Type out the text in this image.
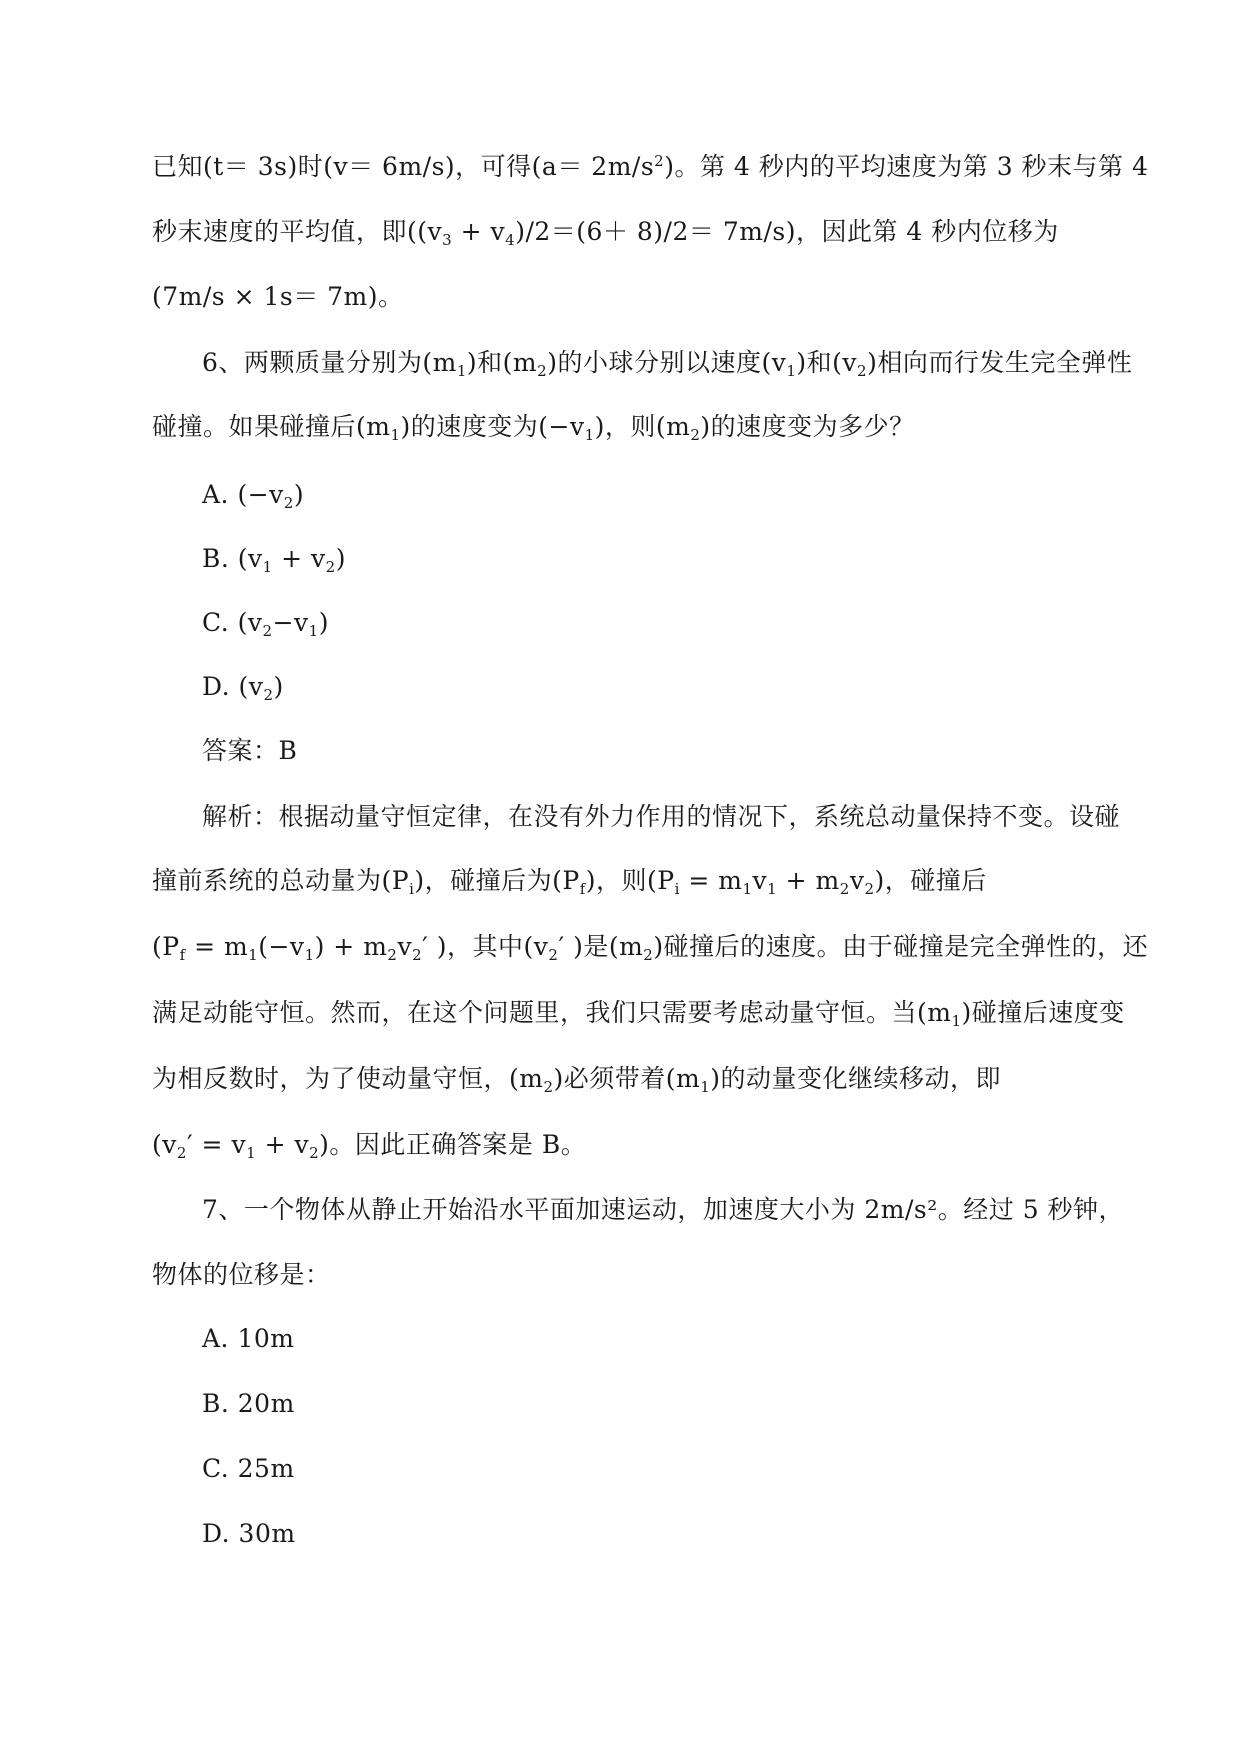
已知(t＝ 3s)时(v＝ 6m/s)，可得$(a= 2m/s^2)$。第 4 秒内的平均速度为第 3 秒末与第 4
秒末速度的平均值，即$((v_3 + v_4)/2=(6+ 8)/2= 7m/s)$，因此第 4 秒内位移为
(7m/s × 1s＝ 7m)。
6、两颗质量分别为$(m_1)$和$(m_2)$的小球分别以速度$(v_1)$和$(v_2)$相向而行发生完全弹性
碰撞。如果碰撞后$(m_1)$的速度变为$(-v_1)$，则$(m_2)$的速度变为多少？
A. $(-v_2)$
B. $(v_1 + v_2)$
C. $(v_2-v_1)$
D. $(v_2)$
答案：B
解析：根据动量守恒定律，在没有外力作用的情况下，系统总动量保持不变。设碰
撞前系统的总动量为$(P_i)$，碰撞后为$(P_f)$，则$(P_i = m_1v_1 + m_2v_2)$，碰撞后
($P_f = m_1(-v_1) + m_2v_2'$ )，其中($v_2'$ )是$(m_2)$碰撞后的速度。由于碰撞是完全弹性的，还
满足动能守恒。然而，在这个问题里，我们只需要考虑动量守恒。当$(m_1)$碰撞后速度变
为相反数时，为了使动量守恒，$(m_2)$必须带着$(m_1)$的动量变化继续移动，即
$(v_2' = v_1 + v_2)$。因此正确答案是 B。
7、一个物体从静止开始沿水平面加速运动，加速度大小为 2m/s²。经过 5 秒钟，
物体的位移是：
A. 10m
B. 20m
C. 25m
D. 30m
